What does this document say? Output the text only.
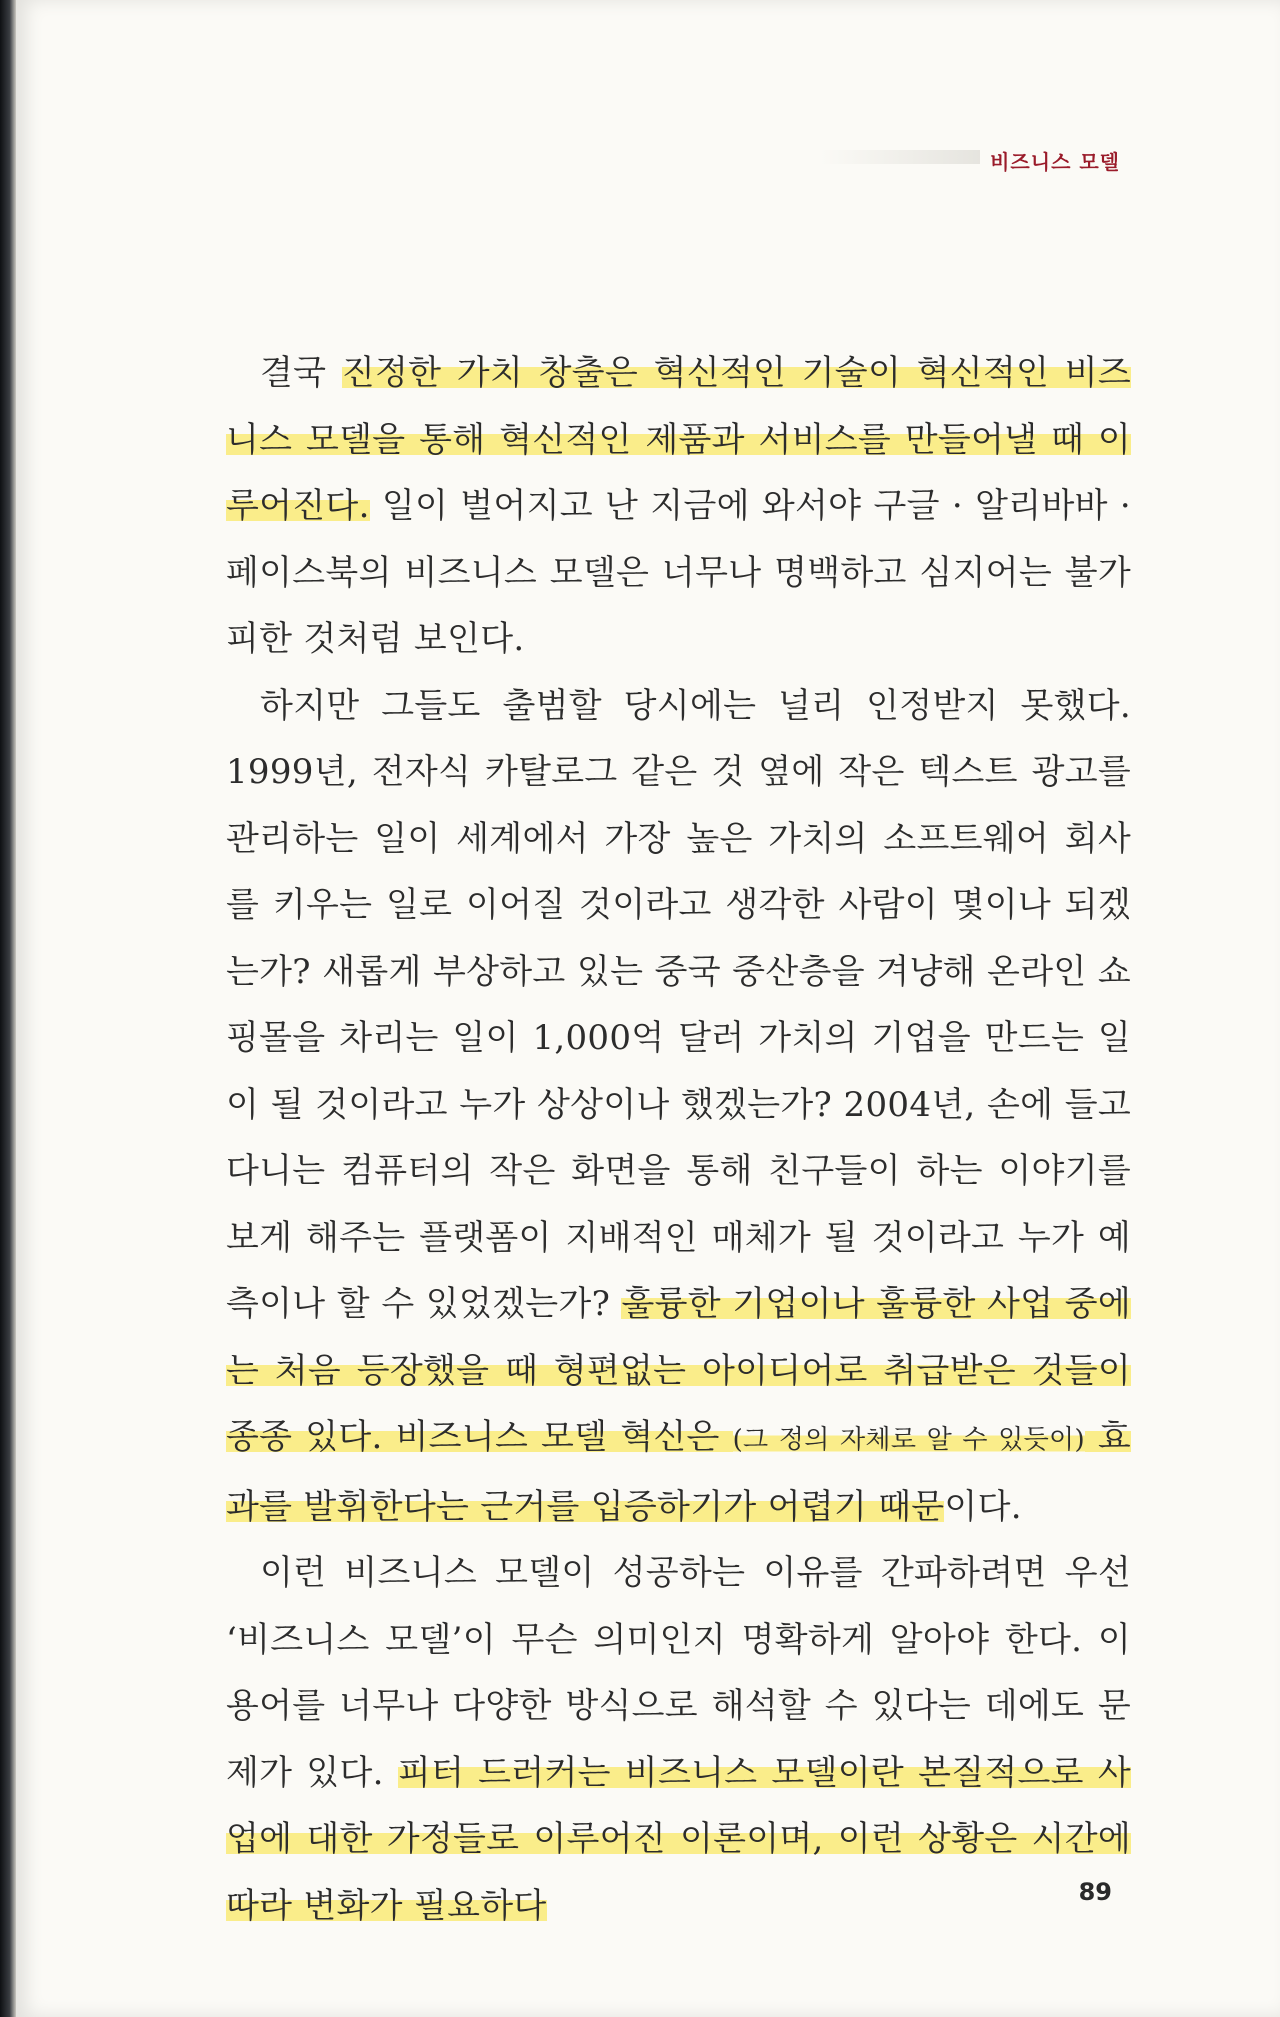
비즈니스 모델

결국 진정한 가치 창출은 혁신적인 기술이 혁신적인 비즈니스 모델을 통해 혁신적인 제품과 서비스를 만들어낼 때 이루어진다. 일이 벌어지고 난 지금에 와서야 구글 · 알리바바 · 페이스북의 비즈니스 모델은 너무나 명백하고 심지어는 불가피한 것처럼 보인다.

하지만 그들도 출범할 당시에는 널리 인정받지 못했다. 1999년, 전자식 카탈로그 같은 것 옆에 작은 텍스트 광고를 관리하는 일이 세계에서 가장 높은 가치의 소프트웨어 회사를 키우는 일로 이어질 것이라고 생각한 사람이 몇이나 되겠는가? 새롭게 부상하고 있는 중국 중산층을 겨냥해 온라인 쇼핑몰을 차리는 일이 1,000억 달러 가치의 기업을 만드는 일이 될 것이라고 누가 상상이나 했겠는가? 2004년, 손에 들고 다니는 컴퓨터의 작은 화면을 통해 친구들이 하는 이야기를 보게 해주는 플랫폼이 지배적인 매체가 될 것이라고 누가 예측이나 할 수 있었겠는가? 훌륭한 기업이나 훌륭한 사업 중에는 처음 등장했을 때 형편없는 아이디어로 취급받은 것들이 종종 있다. 비즈니스 모델 혁신은 (그 정의 자체로 알 수 있듯이) 효과를 발휘한다는 근거를 입증하기가 어렵기 때문이다.

이런 비즈니스 모델이 성공하는 이유를 간파하려면 우선 ‘비즈니스 모델’이 무슨 의미인지 명확하게 알아야 한다. 이 용어를 너무나 다양한 방식으로 해석할 수 있다는 데에도 문제가 있다. 피터 드러커는 비즈니스 모델이란 본질적으로 사업에 대한 가정들로 이루어진 이론이며, 이런 상황은 시간에 따라 변화가 필요하다	89
